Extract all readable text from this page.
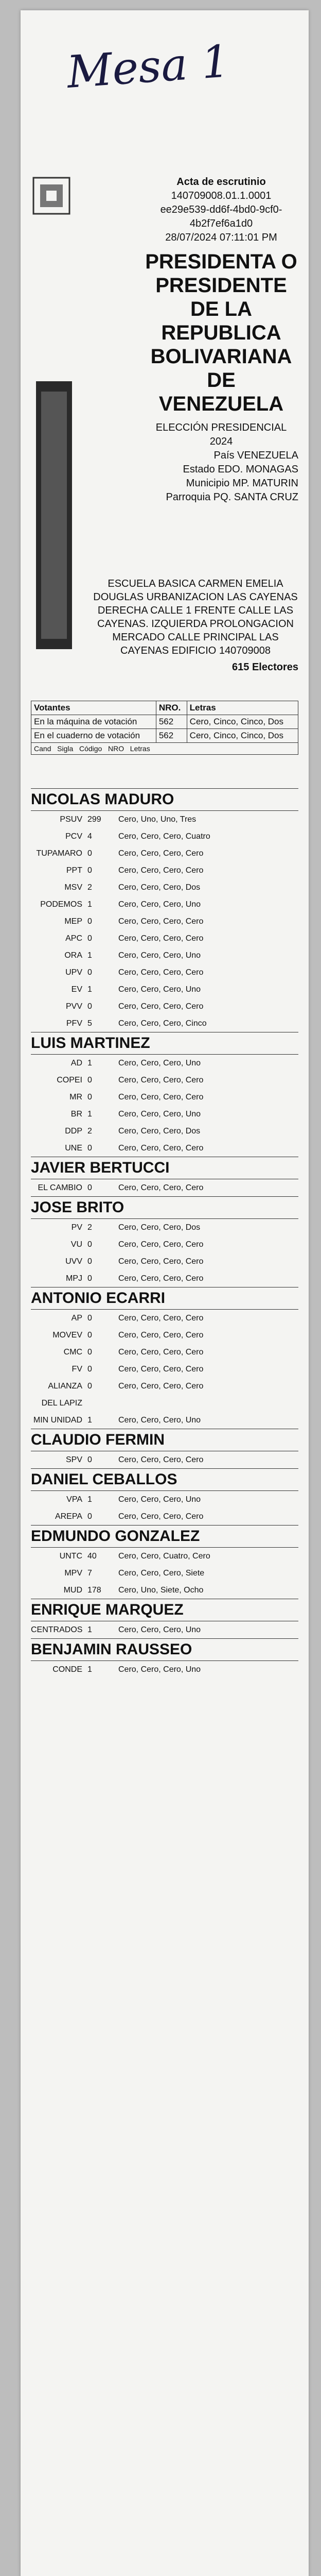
Mesa 1
Acta de escrutinio
140709008.01.1.0001
ee29e539-dd6f-4bd0-9cf0-4b2f7ef6a1d0
28/07/2024 07:11:01 PM
PRESIDENTA O PRESIDENTE DE LA REPUBLICA BOLIVARIANA DE VENEZUELA
ELECCIÓN PRESIDENCIAL 2024
País VENEZUELA
Estado EDO. MONAGAS
Municipio MP. MATURIN
Parroquia PQ. SANTA CRUZ
ESCUELA BASICA CARMEN EMELIA DOUGLAS URBANIZACION LAS CAYENAS DERECHA CALLE 1 FRENTE CALLE LAS CAYENAS. IZQUIERDA PROLONGACION MERCADO CALLE PRINCIPAL LAS CAYENAS EDIFICIO 140709008
615 Electores
Votantes	NRO.	Letras
En la máquina de votación	562	Cero, Cinco, Cinco, Dos
En el cuaderno de votación	562	Cero, Cinco, Cinco, Dos
Cand Sigla Código NRO Letras		
NICOLAS MADURO
PSUV 299	Cero, Uno, Uno, Tres
PCV 4	Cero, Cero, Cero, Cuatro
TUPAMARO 0	Cero, Cero, Cero, Cero
PPT 0	Cero, Cero, Cero, Cero
MSV 2	Cero, Cero, Cero, Dos
PODEMOS 1	Cero, Cero, Cero, Uno
MEP 0	Cero, Cero, Cero, Cero
APC 0	Cero, Cero, Cero, Cero
ORA 1	Cero, Cero, Cero, Uno
UPV 0	Cero, Cero, Cero, Cero
EV 1	Cero, Cero, Cero, Uno
PVV 0	Cero, Cero, Cero, Cero
PFV 5	Cero, Cero, Cero, Cinco
LUIS MARTINEZ
AD 1	Cero, Cero, Cero, Uno
COPEI 0	Cero, Cero, Cero, Cero
MR 0	Cero, Cero, Cero, Cero
BR 1	Cero, Cero, Cero, Uno
DDP 2	Cero, Cero, Cero, Dos
UNE 0	Cero, Cero, Cero, Cero
JAVIER BERTUCCI
EL CAMBIO 0	Cero, Cero, Cero, Cero
JOSE BRITO
PV 2	Cero, Cero, Cero, Dos
VU 0	Cero, Cero, Cero, Cero
UVV 0	Cero, Cero, Cero, Cero
MPJ 0	Cero, Cero, Cero, Cero
ANTONIO ECARRI
AP 0	Cero, Cero, Cero, Cero
MOVEV 0	Cero, Cero, Cero, Cero
CMC 0	Cero, Cero, Cero, Cero
FV 0	Cero, Cero, Cero, Cero
ALIANZA DEL LAPIZ
0	Cero, Cero, Cero, Cero
MIN UNIDAD 1	Cero, Cero, Cero, Uno
CLAUDIO FERMIN
SPV 0	Cero, Cero, Cero, Cero
DANIEL CEBALLOS
VPA 1	Cero, Cero, Cero, Uno
AREPA 0	Cero, Cero, Cero, Cero
EDMUNDO GONZALEZ
UNTC 40	Cero, Cero, Cuatro, Cero
MPV 7	Cero, Cero, Cero, Siete
MUD 178	Cero, Uno, Siete, Ocho
ENRIQUE MARQUEZ
CENTRADOS 1	Cero, Cero, Cero, Uno
BENJAMIN RAUSSEO
CONDE 1	Cero, Cero, Cero, Uno
